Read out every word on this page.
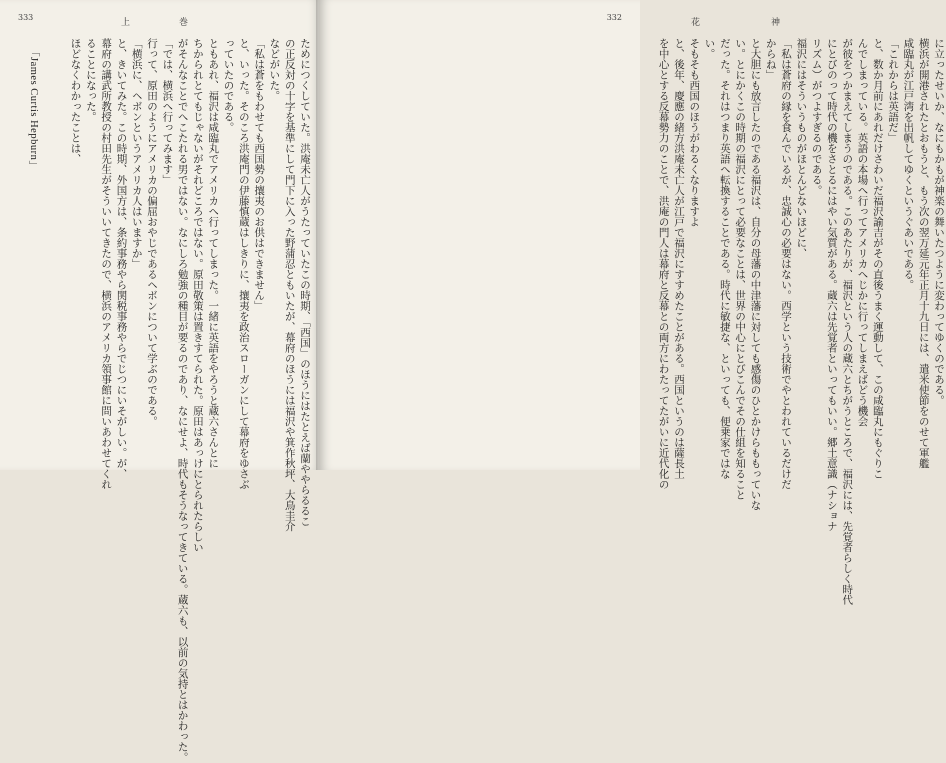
333	上	巻
「James Curtis Hepburn」	ためにつくしていた。洪庵未亡人がうたっていたこの時期、「西国」のほうにはたとえば蘭ややらるるこ
の正反対の十字を基準にして門下に入った野蒲忍ともいたが、幕府のほうには福沢や箕作秋坪、大鳥圭介
などがいた。
「私は蒼をもわせても西国勢の攘夷のお供はできません」
と、いった。そのころ洪庵門の伊藤慎蔵はしきりに、攘夷を政治スローガンにして幕府をゆさぶ
っていたのである。
ともあれ、福沢は咸臨丸でアメリカへ行ってしまった。一緒に英語をやろうと蔵六さんとに
ちかられとてもじゃないがそれどころではない。原田敬策は置きすてられた。原田はあっけにとられたらしい
がそんなことでへこたれる男ではない。なにしろ勉強の種目が要るのであり、なにせよ、時代もそうなってきている。蔵六も、以前の気持とはかわった。
「では、横浜へ行ってみます」
行って、原田のようにアメリカの偏屈おやじであるヘボンについて学ぶのである。
「横浜に、ヘボンというアメリカ人はいますか」
と、きいてみた。この時期、外国方は、条約事務やら関税事務やらでじつにいそがしい。が、
幕府の講武所教授の村田先生がそういいてきたので、横浜のアメリカ領事館に問いあわせてくれ
ることになった。
ほどなくわかったことは、
332	花	神
に立ったせいか、なにもかもが神楽の舞いたつように変わってゆくのである。
横浜が開港されたとおもうと、もう次の翌万延元年正月十九日には、遣米使節をのせて軍艦
咸臨丸が江戸湾を出帆してゆくというぐあいである。
「これからは英語だ」
と、数か月前にあれだけさわいだ福沢諭吉がその直後うまく運動して、この咸臨丸にもぐりこ
んでしまっている。英語の本場へ行ってアメリカへじかに行ってしまえばどう機会
が彼をつかまえてしまうのである。このあたりが、福沢という人の蔵六とちがうところで、福沢には、先覚者らしく時代
にとびのって時代の機をさとるにはやい気質がある。蔵六は先覚者といってもいい。郷土意識（ナショナ
リズム）がつよすぎるのである。
福沢にはそういうものがほとんどないほどに、
「私は蒼府の縁を食んでいるが、忠誠心の必要はない。西学という技術でやとわれているだけだ
からね」
と大胆にも放言したのである福沢は、自分の母藩の中津藩に対しても感傷のひとかけらももっていな
い。とにかくこの時期の福沢にとって必要なことは、世界の中心にとびこんでその仕組を知ること
だった。それはつまり英語へ転換することである。時代に敏捷な、といっても、便乗家ではな
い。
そもそも西国のほうがわるくなりますよ
と、後年、慶應の緒方洪庵未亡人が江戸で福沢にすすめたことがある。西国というのは薩長土
を中心とする反幕勢力のことで、洪庵の門人は幕府と反幕との両方にわたってたがいに近代化の
